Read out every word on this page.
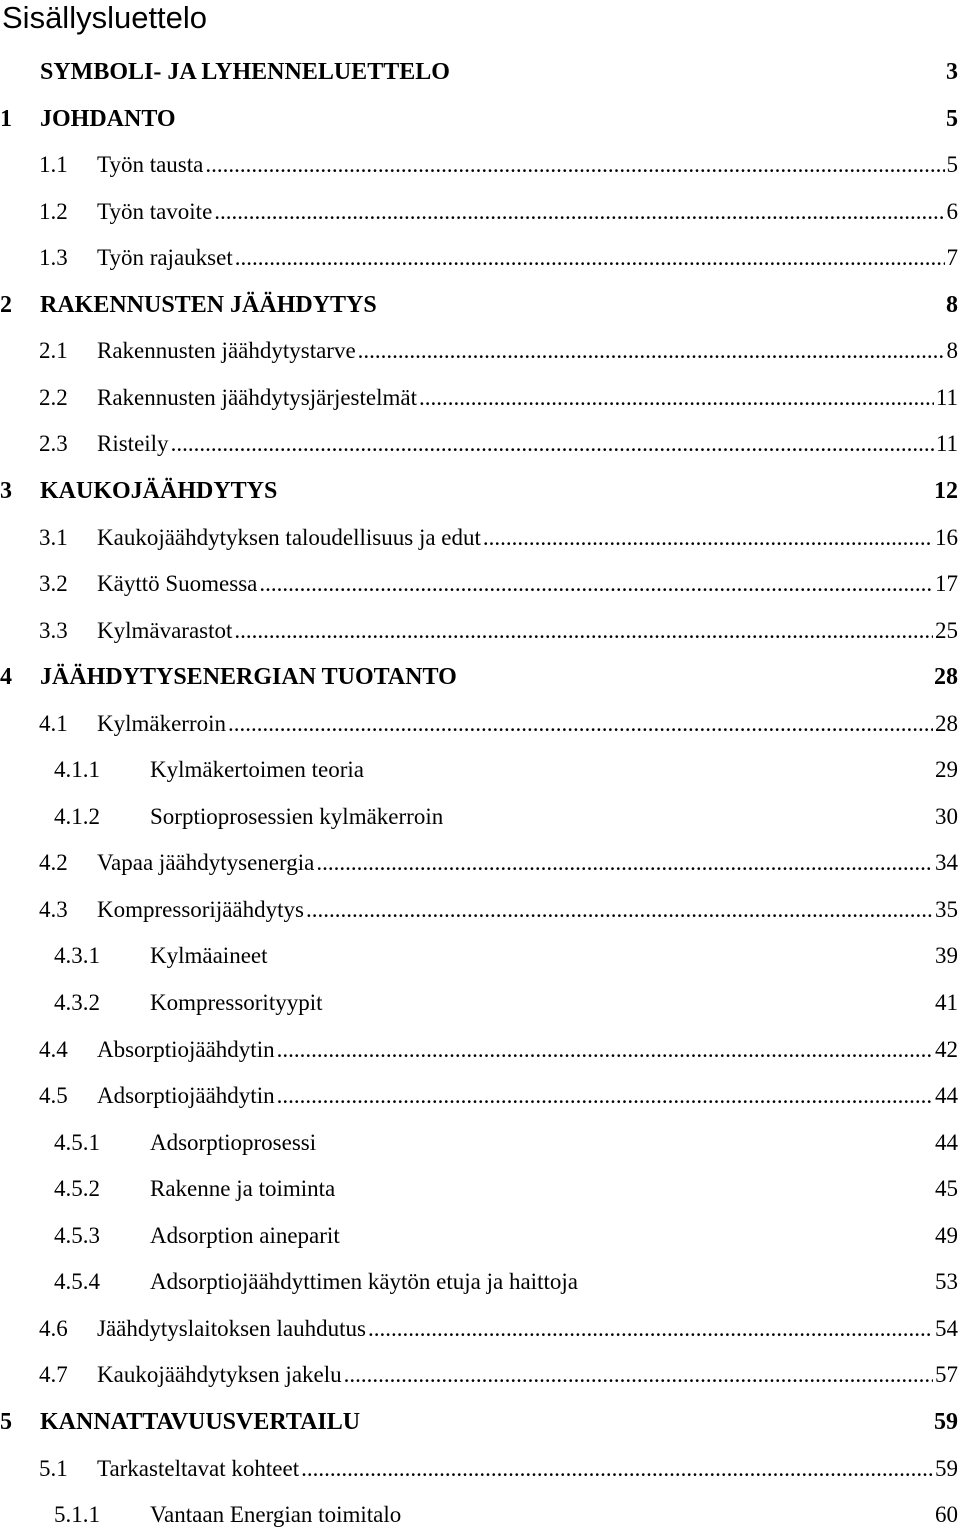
Sisällysluettelo
SYMBOLI- JA LYHENNELUETTELO	3
1	JOHDANTO	5
1.1	Työn tausta .....	5
1.2	Työn tavoite .....	6
1.3	Työn rajaukset .....	7
2	RAKENNUSTEN JÄÄHDYTYS	8
2.1	Rakennusten jäähdytystarve .....	8
2.2	Rakennusten jäähdytysjärjestelmät .....	11
2.3	Risteily .....	11
3	KAUKOJÄÄHDYTYS	12
3.1	Kaukojäähdytyksen taloudellisuus ja edut .....	16
3.2	Käyttö Suomessa .....	17
3.3	Kylmävarastot .....	25
4	JÄÄHDYTYSENERGIAN TUOTANTO	28
4.1	Kylmäkerroin .....	28
4.1.1	Kylmäkertoimen teoria	29
4.1.2	Sorptioprosessien kylmäkerroin	30
4.2	Vapaa jäähdytysenergia .....	34
4.3	Kompressorijäähdytys .....	35
4.3.1	Kylmäaineet	39
4.3.2	Kompressorityypit	41
4.4	Absorptiojäähdytin .....	42
4.5	Adsorptiojäähdytin .....	44
4.5.1	Adsorptioprosessi	44
4.5.2	Rakenne ja toiminta	45
4.5.3	Adsorption aineparit	49
4.5.4	Adsorptiojäähdyttimen käytön etuja ja haittoja	53
4.6	Jäähdytyslaitoksen lauhdutus .....	54
4.7	Kaukojäähdytyksen jakelu .....	57
5	KANNATTAVUUSVERTAILU	59
5.1	Tarkasteltavat kohteet .....	59
5.1.1	Vantaan Energian toimitalo	60
